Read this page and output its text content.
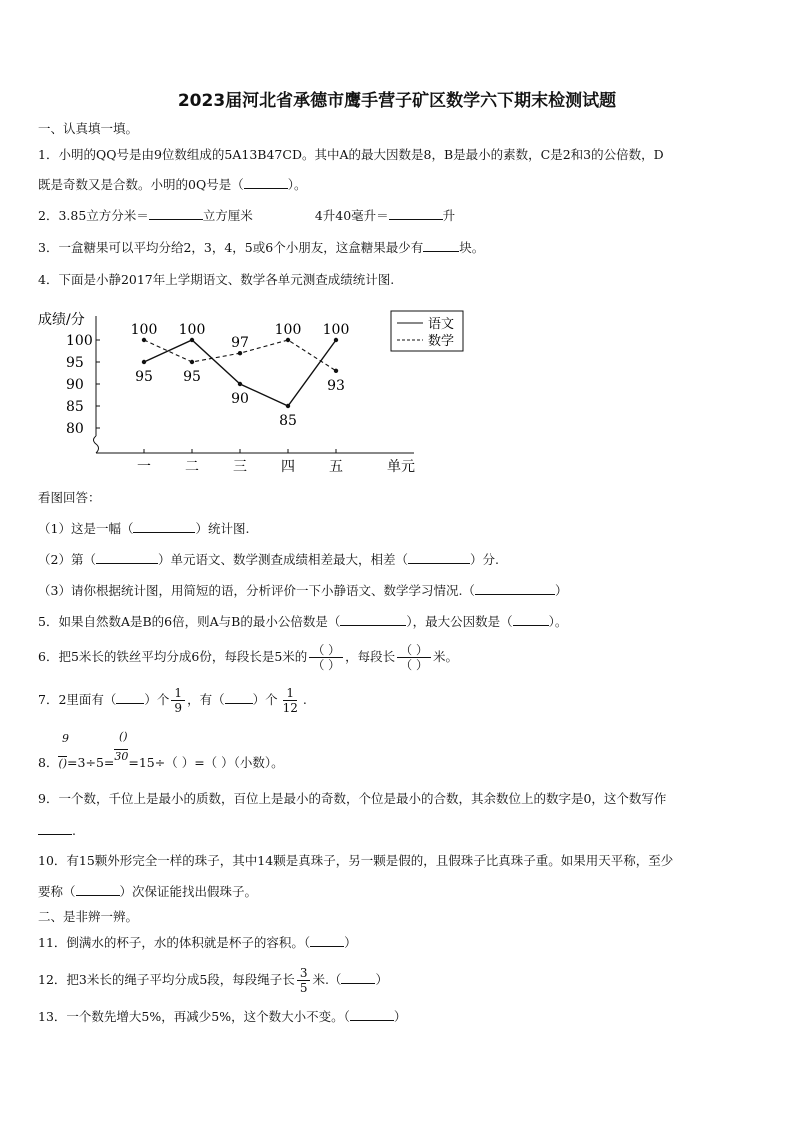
2023届河北省承德市鹰手营子矿区数学六下期末检测试题
一、认真填一填。
1．小明的QQ号是由9位数组成的5A13B47CD。其中A的最大因数是8，B是最小的素数，C是2和3的公倍数，D
既是奇数又是合数。小明的0Q号是（	）。
2．3.85立方分米＝	立方厘米	4升40毫升＝	升
3．一盒糖果可以平均分给2，3，4，5或6个小朋友，这盒糖果最少有	块。
4．下面是小静2017年上学期语文、数学各单元测查成绩统计图.
成绩/分
80
85
90
95
100
一 二 三 四 五	单元
95
100
90
85
100
100
95
97
100
93
语文
数学
看图回答：
（1）这是一幅（	）统计图.
（2）第（	）单元语文、数学测查成绩相差最大，相差（	）分.
（3）请你根据统计图，用简短的语，分析评价一下小静语文、数学学习情况.（	）
5．如果自然数A是B的6倍，则A与B的最小公倍数是（	），最大公因数是（	）。
6．把5米长的铁丝平均分成6份，每段长是5米的 $\frac{( )}{( )}$ ，每段长 $\frac{( )}{( )}$ 米。
7．2里面有（ ）个 $\frac{1}{9}$ ，有（ ）个 $\frac{1}{12}$ .
9	()
8．()=3÷5=30=15÷（ ）=（ ）（小数）。
9．一个数，千位上是最小的质数，百位上是最小的奇数，个位是最小的合数，其余数位上的数字是0，这个数写作
.
10．有15颗外形完全一样的珠子，其中14颗是真珠子，另一颗是假的，且假珠子比真珠子重。如果用天平称，至少
要称（	）次保证能找出假珠子。
二、是非辨一辨。
11．倒满水的杯子，水的体积就是杯子的容积。（	）
12．把3米长的绳子平均分成5段，每段绳子长 $\frac{3}{5}$ 米.（	）
13．一个数先增大5%，再减少5%，这个数大小不变。（	）
